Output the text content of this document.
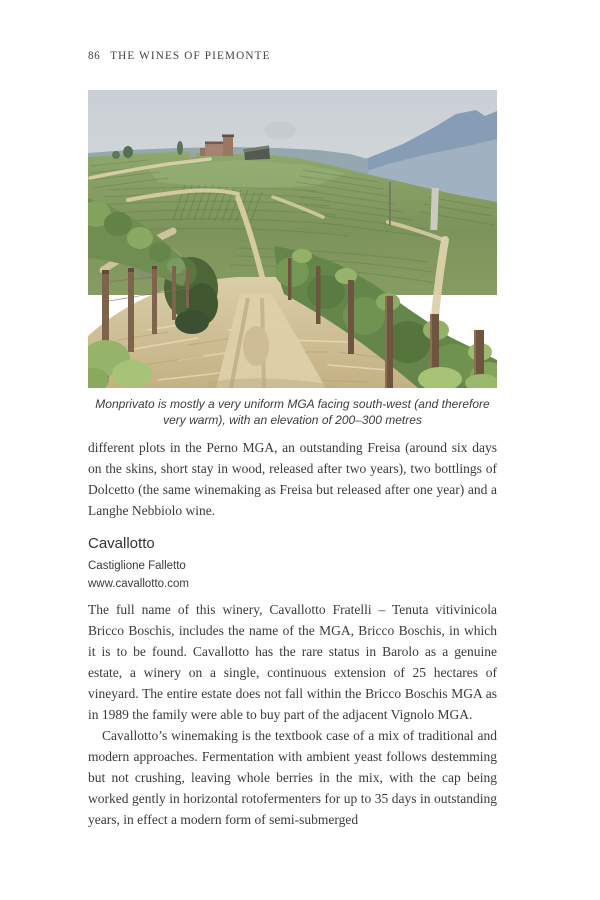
86 THE WINES OF PIEMONTE
Monprivato is mostly a very uniform MGA facing south-west (and therefore very warm), with an elevation of 200–300 metres

different plots in the Perno MGA, an outstanding Freisa (around six days on the skins, short stay in wood, released after two years), two bottlings of Dolcetto (the same winemaking as Freisa but released after one year) and a Langhe Nebbiolo wine.

Cavallotto
Castiglione Falletto
www.cavallotto.com

The full name of this winery, Cavallotto Fratelli – Tenuta vitivinicola Bricco Boschis, includes the name of the MGA, Bricco Boschis, in which it is to be found. Cavallotto has the rare status in Barolo as a genuine estate, a winery on a single, continuous extension of 25 hectares of vineyard. The entire estate does not fall within the Bricco Boschis MGA as in 1989 the family were able to buy part of the adjacent Vignolo MGA.

Cavallotto’s winemaking is the textbook case of a mix of traditional and modern approaches. Fermentation with ambient yeast follows destemming but not crushing, leaving whole berries in the mix, with the cap being worked gently in horizontal rotofermenters for up to 35 days in outstanding years, in effect a modern form of semi-submerged
